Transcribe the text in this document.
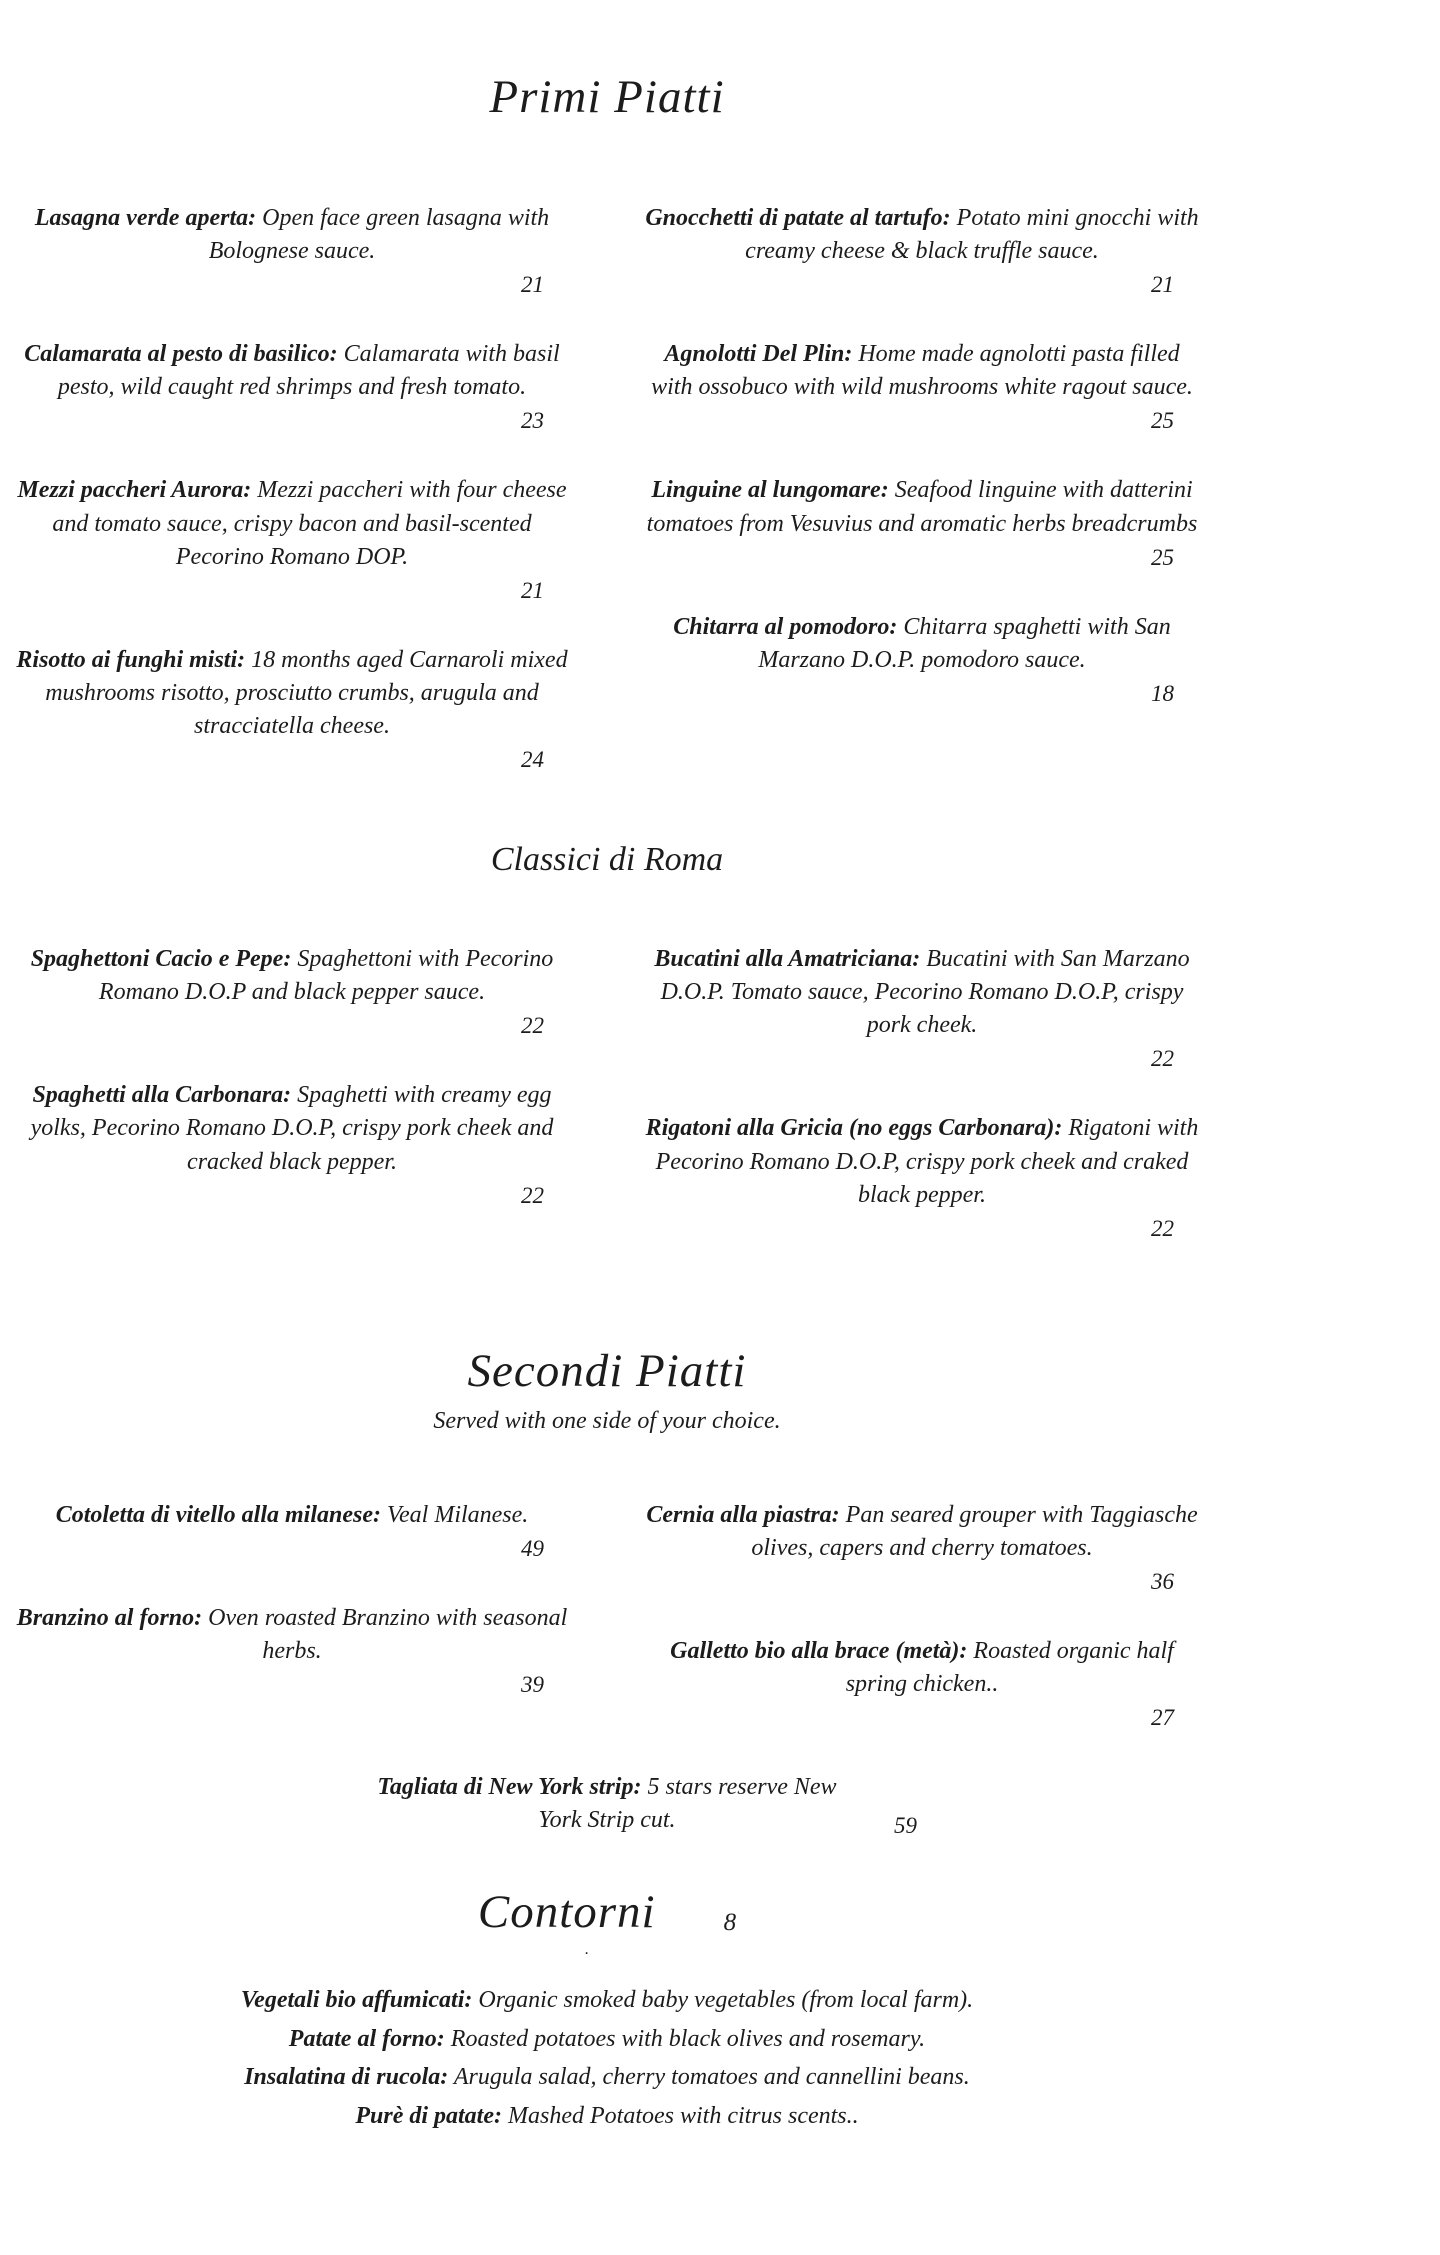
Primi Piatti

Lasagna verde aperta: Open face green lasagna with Bolognese sauce.

21

Calamarata al pesto di basilico: Calamarata with basil pesto, wild caught red shrimps and fresh tomato.

23

Mezzi paccheri Aurora: Mezzi paccheri with four cheese and tomato sauce, crispy bacon and basil-scented Pecorino Romano DOP.

21

Risotto ai funghi misti: 18 months aged Carnaroli mixed mushrooms risotto, prosciutto crumbs, arugula and stracciatella cheese.

24

Gnocchetti di patate al tartufo: Potato mini gnocchi with creamy cheese & black truffle sauce.

21

Agnolotti Del Plin: Home made agnolotti pasta filled with ossobuco with wild mushrooms white ragout sauce.

25

Linguine al lungomare: Seafood linguine with datterini tomatoes from Vesuvius and aromatic herbs breadcrumbs

25

Chitarra al pomodoro: Chitarra spaghetti with San Marzano D.O.P. pomodoro sauce.

18
Classici di Roma

Spaghettoni Cacio e Pepe: Spaghettoni with Pecorino Romano D.O.P and black pepper sauce.

22

Spaghetti alla Carbonara: Spaghetti with creamy egg yolks, Pecorino Romano D.O.P, crispy pork cheek and cracked black pepper.

22

Bucatini alla Amatriciana: Bucatini with San Marzano D.O.P. Tomato sauce, Pecorino Romano D.O.P, crispy pork cheek.

22

Rigatoni alla Gricia (no eggs Carbonara): Rigatoni with Pecorino Romano D.O.P, crispy pork cheek and craked black pepper.

22
Secondi Piatti

Served with one side of your choice.

Cotoletta di vitello alla milanese: Veal Milanese.

49

Branzino al forno: Oven roasted Branzino with seasonal herbs.

39

Cernia alla piastra: Pan seared grouper with Taggiasche olives, capers and cherry tomatoes.

36

Galletto bio alla brace (metà): Roasted organic half spring chicken..

27

Tagliata di New York strip: 5 stars reserve New York Strip cut.	59
Contorni	8
.

Vegetali bio affumicati: Organic smoked baby vegetables (from local farm).

Patate al forno: Roasted potatoes with black olives and rosemary.

Insalatina di rucola: Arugula salad, cherry tomatoes and cannellini beans.

Purè di patate: Mashed Potatoes with citrus scents..
